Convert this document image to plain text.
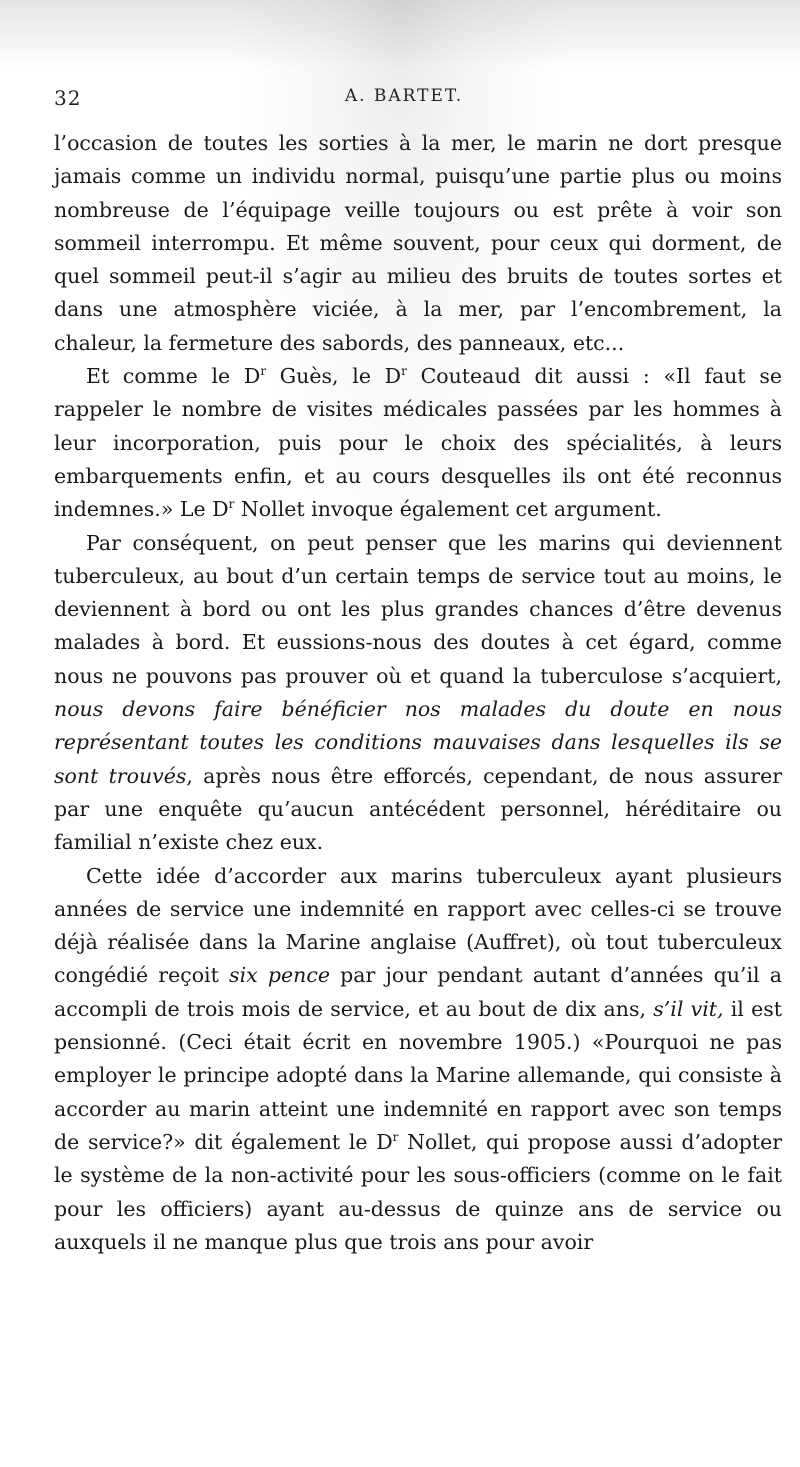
32	A. BARTET.

l’occasion de toutes les sorties à la mer, le marin ne dort presque jamais comme un individu normal, puisqu’une partie plus ou moins nombreuse de l’équipage veille toujours ou est prête à voir son sommeil interrompu. Et même souvent, pour ceux qui dorment, de quel sommeil peut-il s’agir au milieu des bruits de toutes sortes et dans une atmosphère viciée, à la mer, par l’encombrement, la chaleur, la fermeture des sabords, des panneaux, etc...

Et comme le $D^r$ Guès, le $D^r$ Couteaud dit aussi : «Il faut se rappeler le nombre de visites médicales passées par les hommes à leur incorporation, puis pour le choix des spécialités, à leurs embarquements enfin, et au cours desquelles ils ont été reconnus indemnes.» Le $D^r$ Nollet invoque également cet argument.

Par conséquent, on peut penser que les marins qui deviennent tuberculeux, au bout d’un certain temps de service tout au moins, le deviennent à bord ou ont les plus grandes chances d’être devenus malades à bord. Et eussions-nous des doutes à cet égard, comme nous ne pouvons pas prouver où et quand la tuberculose s’acquiert, nous devons faire bénéficier nos malades du doute en nous représentant toutes les conditions mauvaises dans lesquelles ils se sont trouvés, après nous être efforcés, cependant, de nous assurer par une enquête qu’aucun antécédent personnel, héréditaire ou familial n’existe chez eux.

Cette idée d’accorder aux marins tuberculeux ayant plusieurs années de service une indemnité en rapport avec celles-ci se trouve déjà réalisée dans la Marine anglaise (Auffret), où tout tuberculeux congédié reçoit six pence par jour pendant autant d’années qu’il a accompli de trois mois de service, et au bout de dix ans, s’il vit, il est pensionné. (Ceci était écrit en novembre 1905.) «Pourquoi ne pas employer le principe adopté dans la Marine allemande, qui consiste à accorder au marin atteint une indemnité en rapport avec son temps de service?» dit également le $D^r$ Nollet, qui propose aussi d’adopter le système de la non-activité pour les sous-officiers (comme on le fait pour les officiers) ayant au-dessus de quinze ans de service ou auxquels il ne manque plus que trois ans pour avoir
